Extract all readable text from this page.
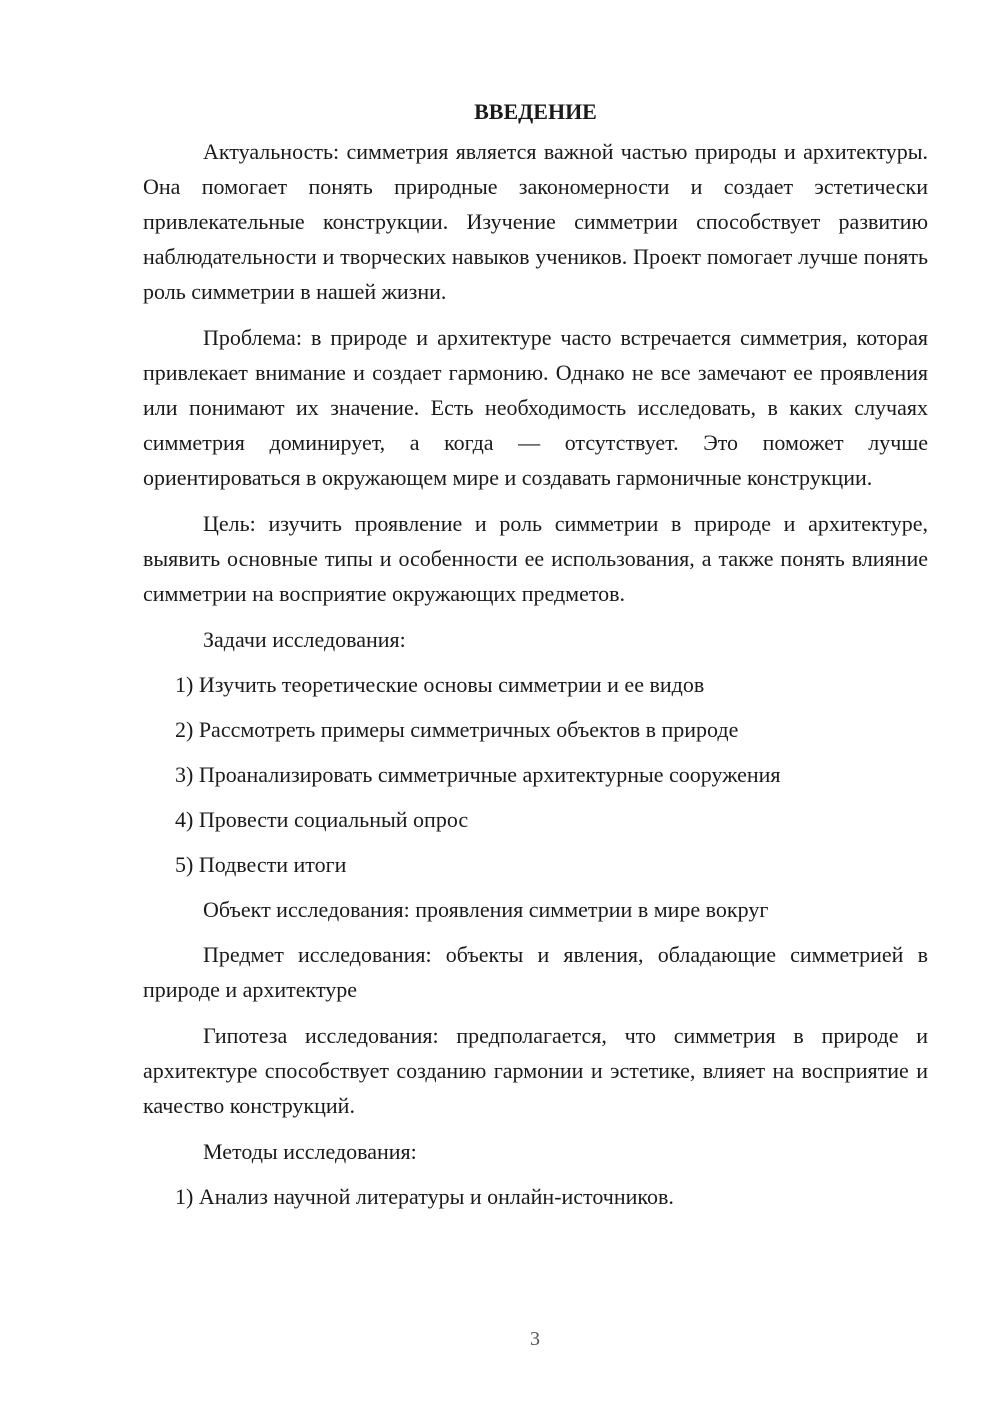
ВВЕДЕНИЕ

Актуальность: симметрия является важной частью природы и архитектуры. Она помогает понять природные закономерности и создает эстетически привлекательные конструкции. Изучение симметрии способствует развитию наблюдательности и творческих навыков учеников. Проект помогает лучше понять роль симметрии в нашей жизни.

Проблема: в природе и архитектуре часто встречается симметрия, которая привлекает внимание и создает гармонию. Однако не все замечают ее проявления или понимают их значение. Есть необходимость исследовать, в каких случаях симметрия доминирует, а когда — отсутствует. Это поможет лучше ориентироваться в окружающем мире и создавать гармоничные конструкции.

Цель: изучить проявление и роль симметрии в природе и архитектуре, выявить основные типы и особенности ее использования, а также понять влияние симметрии на восприятие окружающих предметов.

Задачи исследования:
1) Изучить теоретические основы симметрии и ее видов
2) Рассмотреть примеры симметричных объектов в природе
3) Проанализировать симметричные архитектурные сооружения
4) Провести социальный опрос
5) Подвести итоги
Объект исследования: проявления симметрии в мире вокруг

Предмет исследования: объекты и явления, обладающие симметрией в природе и архитектуре

Гипотеза исследования: предполагается, что симметрия в природе и архитектуре способствует созданию гармонии и эстетике, влияет на восприятие и качество конструкций.

Методы исследования:
1) Анализ научной литературы и онлайн-источников.
3
